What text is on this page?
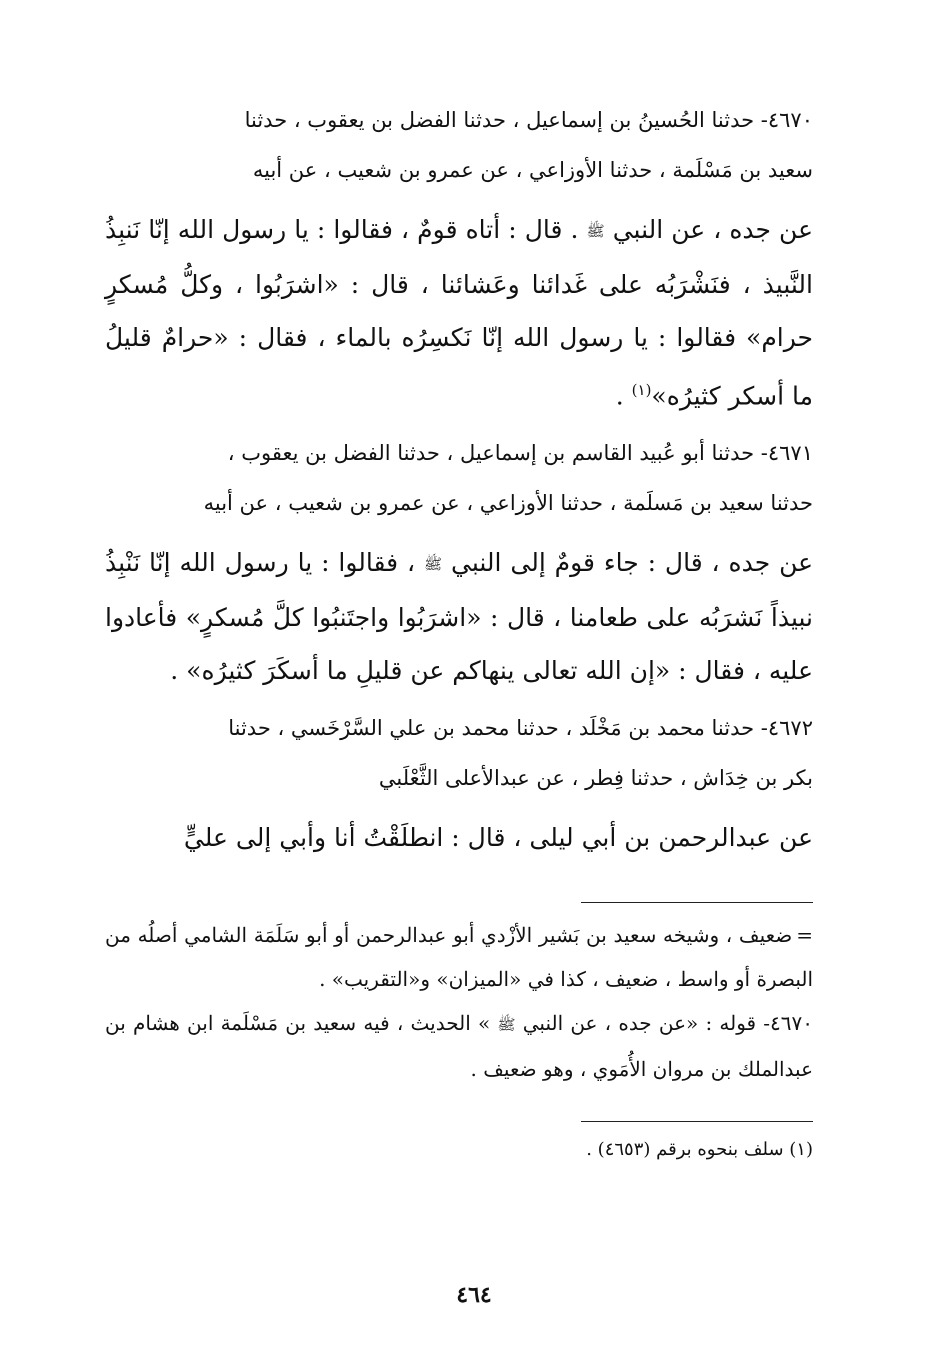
٤٦٧٠- حدثنا الحُسينُ بن إسماعيل ، حدثنا الفضل بن يعقوب ، حدثنا

سعيد بن مَسْلَمة ، حدثنا الأوزاعي ، عن عمرو بن شعيب ، عن أبيه

عن جده ، عن النبي ﷺ . قال : أتاه قومٌ ، فقالوا : يا رسول الله إنّا نَنبِذُ النَّبيذ ، فنَشْرَبُه على غَدائنا وعَشائنا ، قال : «اشرَبُوا ، وكلُّ مُسكرٍ حرام» فقالوا : يا رسول الله إنّا نَكسِرُه بالماء ، فقال : «حرامٌ قليلُ ما أسكر كثيرُه»$^{(١)}$ .

٤٦٧١- حدثنا أبو عُبيد القاسم بن إسماعيل ، حدثنا الفضل بن يعقوب ،

حدثنا سعيد بن مَسلَمة ، حدثنا الأوزاعي ، عن عمرو بن شعيب ، عن أبيه

عن جده ، قال : جاء قومٌ إلى النبي ﷺ ، فقالوا : يا رسول الله إنّا نَنْبِذُ نبيذاً نَشرَبُه على طعامنا ، قال : «اشرَبُوا واجتَنبُوا كلَّ مُسكرٍ» فأعادوا عليه ، فقال : «إن الله تعالى ينهاكم عن قليلِ ما أسكَرَ كثيرُه» .

٤٦٧٢- حدثنا محمد بن مَخْلَد ، حدثنا محمد بن علي السَّرْخَسي ، حدثنا

بكر بن خِدَاش ، حدثنا فِطر ، عن عبدالأعلى الثَّعْلَبي

عن عبدالرحمن بن أبي ليلى ، قال : انطلَقْتُ أنا وأبي إلى عليٍّ

=ضعيف ، وشيخه سعيد بن بَشير الأزْدي أبو عبدالرحمن أو أبو سَلَمَة الشامي أصلُه من البصرة أو واسط ، ضعيف ، كذا في «الميزان» و«التقريب» .

٤٦٧٠- قوله : «عن جده ، عن النبي ﷺ » الحديث ، فيه سعيد بن مَسْلَمة ابن هشام بن عبدالملك بن مروان الأُمَوي ، وهو ضعيف .

(١) سلف بنحوه برقم (٤٦٥٣) .

٤٦٤
